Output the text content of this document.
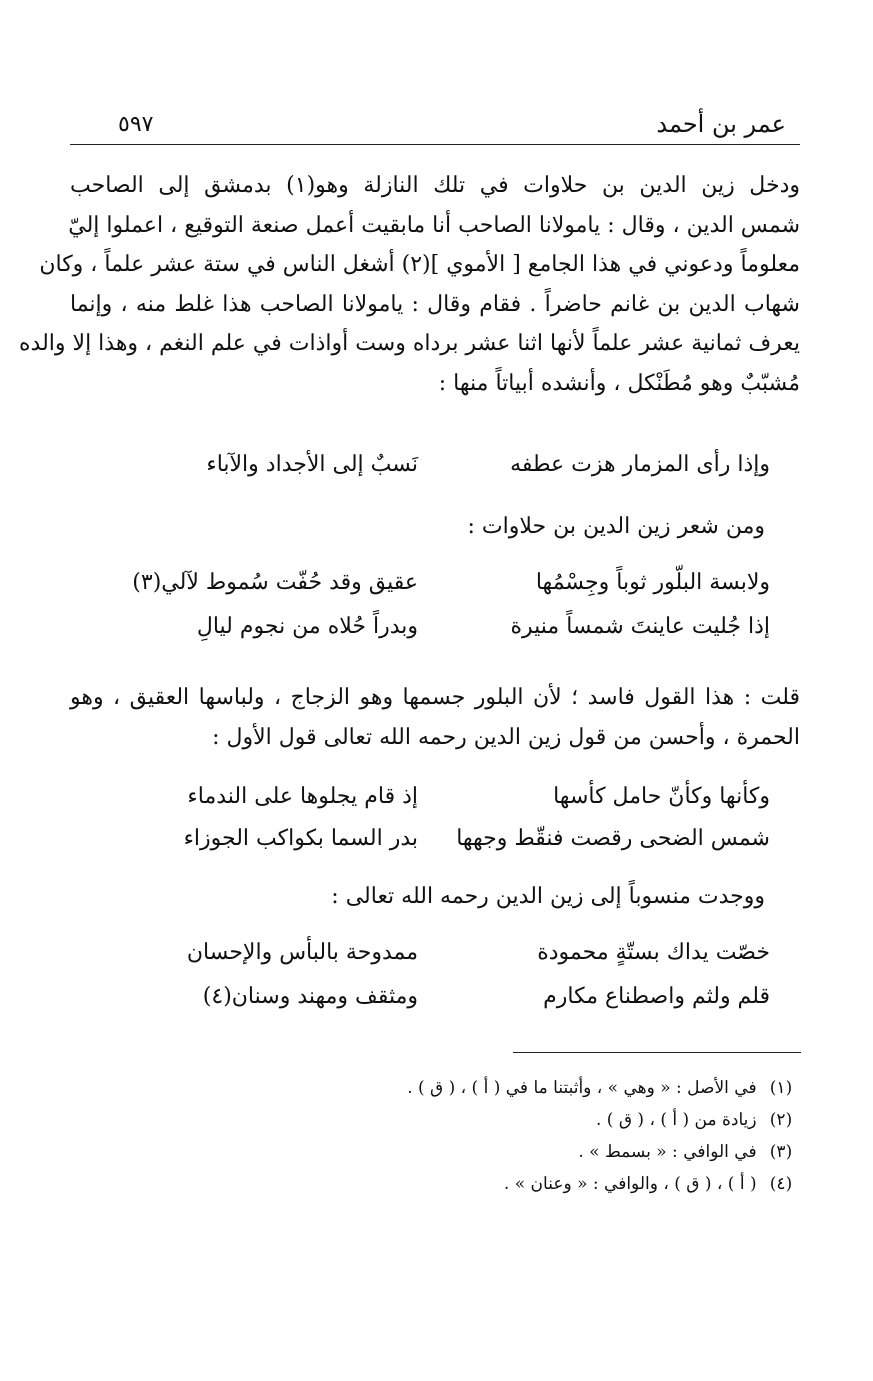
عمر بن أحمد
٥٩٧
ودخل زين الدين بن حلاوات في تلك النازلة وهو(١) بدمشق إلى الصاحب
شمس الدين ، وقال : يامولانا الصاحب أنا مابقيت أعمل صنعة التوقيع ، اعملوا إليّ
معلوماً ودعوني في هذا الجامع [ الأموي ](٢) أشغل الناس في ستة عشر علماً ، وكان
شهاب الدين بن غانم حاضراً . فقام وقال : يامولانا الصاحب هذا غلط منه ، وإنما
يعرف ثمانية عشر علماً لأنها اثنا عشر برداه وست أواذات في علم النغم ، وهذا إلا والده
مُشبّبٌ وهو مُطَنْكل ، وأنشده أبياتاً منها :
وإذا رأى المزمار هزت عطفه
نَسبٌ إلى الأجداد والآباء
ومن شعر زين الدين بن حلاوات :
ولابسة البلّور ثوباً وجِسْمُها
عقيق وقد حُفّت سُموط لآلي(٣)
إذا جُليت عاينتَ شمساً منيرة
وبدراً حُلاه من نجوم ليالِ
قلت : هذا القول فاسد ؛ لأن البلور جسمها وهو الزجاج ، ولباسها العقيق ، وهو
الحمرة ، وأحسن من قول زين الدين رحمه الله تعالى قول الأول :
وكأنها وكأنّ حامل كأسها
إذ قام يجلوها على الندماء
شمس الضحى رقصت فنقّط وجهها
بدر السما بكواكب الجوزاء
ووجدت منسوباً إلى زين الدين رحمه الله تعالى :
خصّت يداك بستّةٍ محمودة
ممدوحة بالبأس والإحسان
قلم ولثم واصطناع مكارم
ومثقف ومهند وسنان(٤)
(١) في الأصل : « وهي » ، وأثبتنا ما في ( أ ) ، ( ق ) .
(٢) زيادة من ( أ ) ، ( ق ) .
(٣) في الوافي : « بسمط » .
(٤) ( أ ) ، ( ق ) ، والوافي : « وعنان » .
